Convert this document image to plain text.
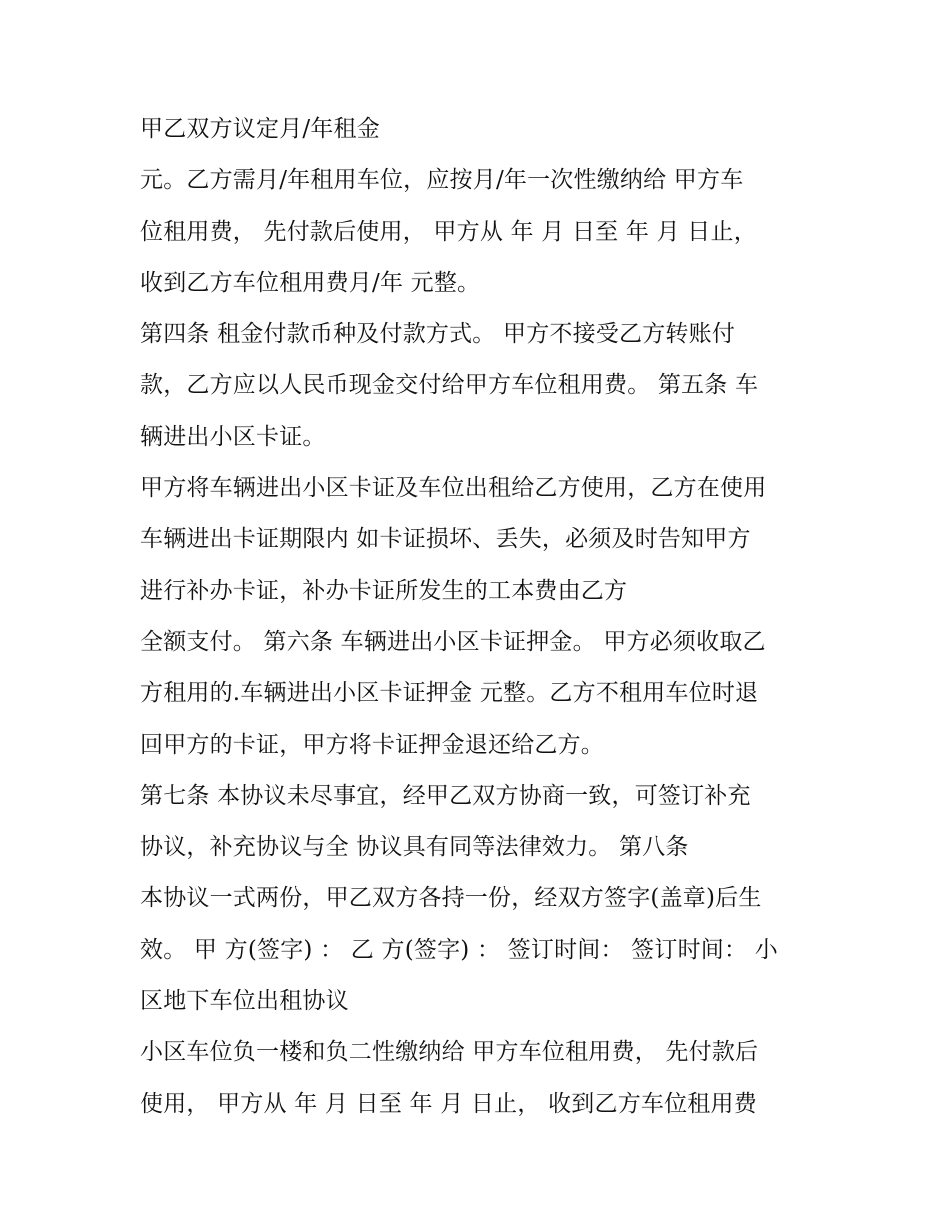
甲乙双方议定月/年租金
元。乙方需月/年租用车位，应按月/年一次性缴纳给 甲方车
位租用费， 先付款后使用， 甲方从 年 月 日至 年 月 日止，
收到乙方车位租用费月/年 元整。
第四条 租金付款币种及付款方式。 甲方不接受乙方转账付
款，乙方应以人民币现金交付给甲方车位租用费。 第五条 车
辆进出小区卡证。
甲方将车辆进出小区卡证及车位出租给乙方使用，乙方在使用
车辆进出卡证期限内 如卡证损坏、丢失，必须及时告知甲方
进行补办卡证，补办卡证所发生的工本费由乙方
全额支付。 第六条 车辆进出小区卡证押金。 甲方必须收取乙
方租用的.车辆进出小区卡证押金 元整。乙方不租用车位时退
回甲方的卡证，甲方将卡证押金退还给乙方。
第七条 本协议未尽事宜，经甲乙双方协商一致，可签订补充
协议，补充协议与全 协议具有同等法律效力。 第八条
本协议一式两份，甲乙双方各持一份，经双方签字(盖章)后生
效。 甲 方(签字) ： 乙 方(签字) ： 签订时间： 签订时间： 小
区地下车位出租协议
小区车位负一楼和负二性缴纳给 甲方车位租用费， 先付款后
使用， 甲方从 年 月 日至 年 月 日止， 收到乙方车位租用费
